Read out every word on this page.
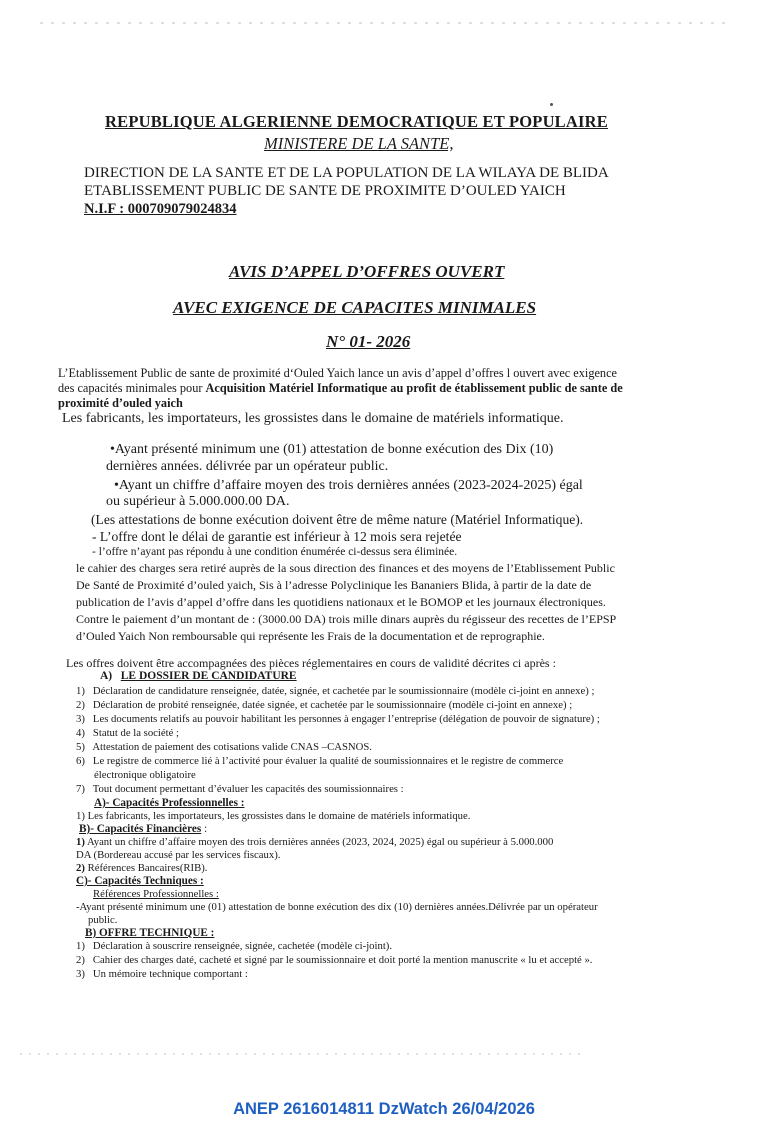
REPUBLIQUE ALGERIENNE DEMOCRATIQUE ET POPULAIRE
MINISTERE DE LA SANTE,
DIRECTION DE LA SANTE ET DE LA POPULATION DE LA WILAYA DE BLIDA
ETABLISSEMENT PUBLIC DE SANTE DE PROXIMITE D’OULED YAICH
N.I.F : 000709079024834
AVIS D’APPEL D’OFFRES OUVERT
AVEC EXIGENCE DE CAPACITES MINIMALES
N° 01- 2026
L’Etablissement Public de sante de proximité d‘Ouled Yaich lance un avis d’appel d’offres l ouvert avec exigence
des capacités minimales pour Acquisition Matériel Informatique au profit de établissement public de sante de
proximité d’ouled yaich
Les fabricants, les importateurs, les grossistes dans le domaine de matériels informatique.
•Ayant présenté minimum une (01) attestation de bonne exécution des Dix (10)
dernières années. délivrée par un opérateur public.
•Ayant un chiffre d’affaire moyen des trois dernières années (2023-2024-2025) égal
ou supérieur à 5.000.000.00 DA.
(Les attestations de bonne exécution doivent être de même nature (Matériel Informatique).
- L’offre dont le délai de garantie est inférieur à 12 mois sera rejetée
- l’offre n’ayant pas répondu à une condition énumérée ci-dessus sera éliminée.
le cahier des charges sera retiré auprès de la sous direction des finances et des moyens de l’Etablissement Public
De Santé de Proximité d’ouled yaich, Sis à l’adresse Polyclinique les Bananiers Blida, à partir de la date de
publication de l’avis d’appel d’offre dans les quotidiens nationaux et le BOMOP et les journaux électroniques.
Contre le paiement d’un montant de : (3000.00 DA) trois mille dinars auprès du régisseur des recettes de l’EPSP
d’Ouled Yaich Non remboursable qui représente les Frais de la documentation et de reprographie.
Les offres doivent être accompagnées des pièces réglementaires en cours de validité décrites ci après :
A) LE DOSSIER DE CANDIDATURE
1) Déclaration de candidature renseignée, datée, signée, et cachetée par le soumissionnaire (modèle ci-joint en annexe) ;
2) Déclaration de probité renseignée, datée signée, et cachetée par le soumissionnaire (modèle ci-joint en annexe) ;
3) Les documents relatifs au pouvoir habilitant les personnes à engager l’entreprise (délégation de pouvoir de signature) ;
4) Statut de la société ;
5) Attestation de paiement des cotisations valide CNAS –CASNOS.
6) Le registre de commerce lié à l’activité pour évaluer la qualité de soumissionnaires et le registre de commerce
électronique obligatoire
7) Tout document permettant d’évaluer les capacités des soumissionnaires :
A)- Capacités Professionnelles :
1) Les fabricants, les importateurs, les grossistes dans le domaine de matériels informatique.
B)- Capacités Financières :
1) Ayant un chiffre d’affaire moyen des trois dernières années (2023, 2024, 2025) égal ou supérieur à 5.000.000
DA (Bordereau accusé par les services fiscaux).
2) Références Bancaires(RIB).
C)- Capacités Techniques :
Références Professionnelles :
-Ayant présenté minimum une (01) attestation de bonne exécution des dix (10) dernières années.Délivrée par un opérateur
public.
B) OFFRE TECHNIQUE :
1) Déclaration à souscrire renseignée, signée, cachetée (modèle ci-joint).
2) Cahier des charges daté, cacheté et signé par le soumissionnaire et doit porté la mention manuscrite « lu et accepté ».
3) Un mémoire technique comportant :
ANEP 2616014811 DzWatch 26/04/2026
